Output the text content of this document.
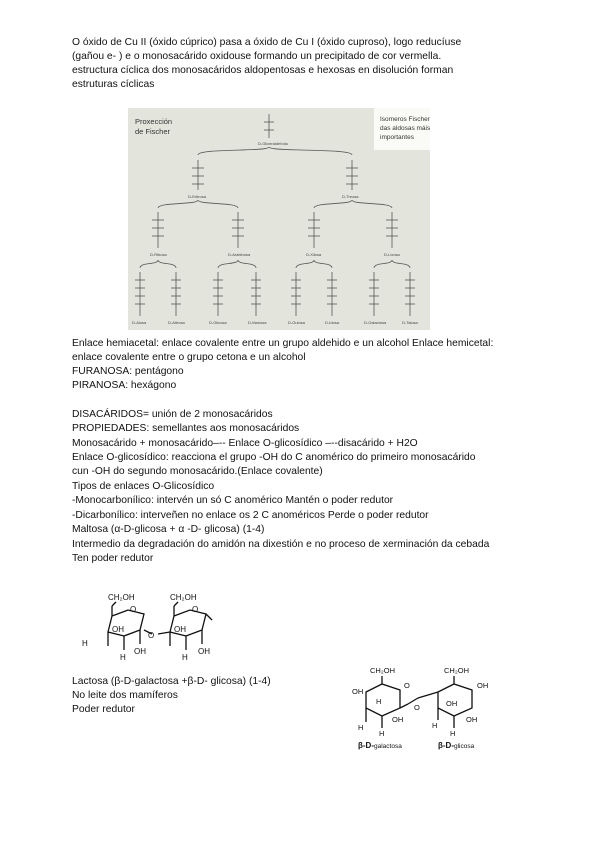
O óxido de Cu II (óxido cúprico) pasa a óxido de Cu I (óxido cuproso), logo reducíuse

(gañou e- ) e o monosacárido oxidouse formando un precipitado de cor vermella.

estructura cíclica dos monosacáridos aldopentosas e hexosas en disolución forman

estruturas cíclicas

Proxección
de Fischer
Isomeros Fischer
das aldosas máis
importantes
D-Gliceraldehído
D-Eritrosa	D-Treosa
D-Ribosa	D-Arabinosa	D-Xilosa	D-Lixosa
D-Alosa	D-Altrosa	D-Glicosa	D-Manosa	D-Gulosa	D-Idosa	D-Galactosa	D-Talosa

Enlace hemiacetal: enlace covalente entre un grupo aldehido e un alcohol Enlace hemicetal:

enlace covalente entre o grupo cetona e un alcohol

FURANOSA: pentágono

PIRANOSA: hexágono

DISACÁRIDOS= unión de 2 monosacáridos

PROPIEDADES: semellantes aos monosacáridos

Monosacárido + monosacárido–-- Enlace O-glicosídico –--disacárido + H2O

Enlace O-glicosídico: reacciona el grupo -OH do C anomérico do primeiro monosacárido

cun -OH do segundo monosacárido.(Enlace covalente)

Tipos de enlaces O-Glicosídico

-Monocarbonílico: intervén un só C anomérico Mantén o poder redutor

-Dicarbonílico: interveñen no enlace os 2 C anoméricos Perde o poder redutor

Maltosa (α-D-glicosa + α -D- glicosa) (1-4)

Intermedio da degradación do amidón na dixestión e no proceso de xerminación da cebada

Ten poder redutor

CH₂OH	CH₂OH
O	O
O
OH	OH
H
H	H
OH	OH

Lactosa (β-D-galactosa +β-D- glicosa) (1-4)

No leite dos mamíferos

Poder redutor

CH₂OH	CH₂OH
OH
O
O
OH
OH
H
H
H
H
H
OH	OH
β-D-galactosa	β-D-glicosa
